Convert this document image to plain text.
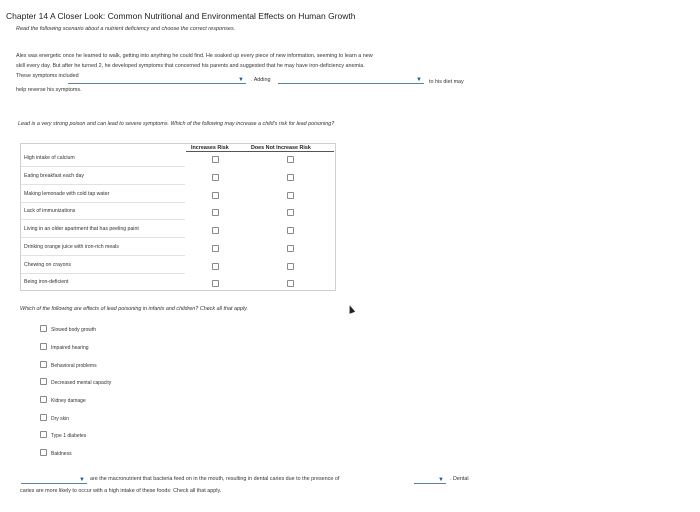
Chapter 14 A Closer Look: Common Nutritional and Environmental Effects on Human Growth
Read the following scenario about a nutrient deficiency and choose the correct responses.
Alex was energetic once he learned to walk, getting into anything he could find. He soaked up every piece of new information, seeming to learn a new
skill every day. But after he turned 2, he developed symptoms that concerned his parents and suggested that he may have iron-deficiency anemia.
These symptoms included
▼ . Adding	▼ to his diet may
help reverse his symptoms.
Lead is a very strong poison and can lead to severe symptoms. Which of the following may increase a child's risk for lead poisoning?
Increases Risk	Does Not Increase Risk
High intake of calcium
Eating breakfast each day
Making lemonade with cold tap water
Lack of immunizations
Living in an older apartment that has peeling paint
Drinking orange juice with iron-rich meals
Chewing on crayons
Being iron-deficient
Which of the following are effects of lead poisoning in infants and children? Check all that apply.
Slowed body growth
Impaired hearing
Behavioral problems
Decreased mental capacity
Kidney damage
Dry skin
Type 1 diabetes
Baldness
▼ are the macronutrient that bacteria feed on in the mouth, resulting in dental caries due to the presence of	▼ . Dental
caries are more likely to occur with a high intake of these foods: Check all that apply.
